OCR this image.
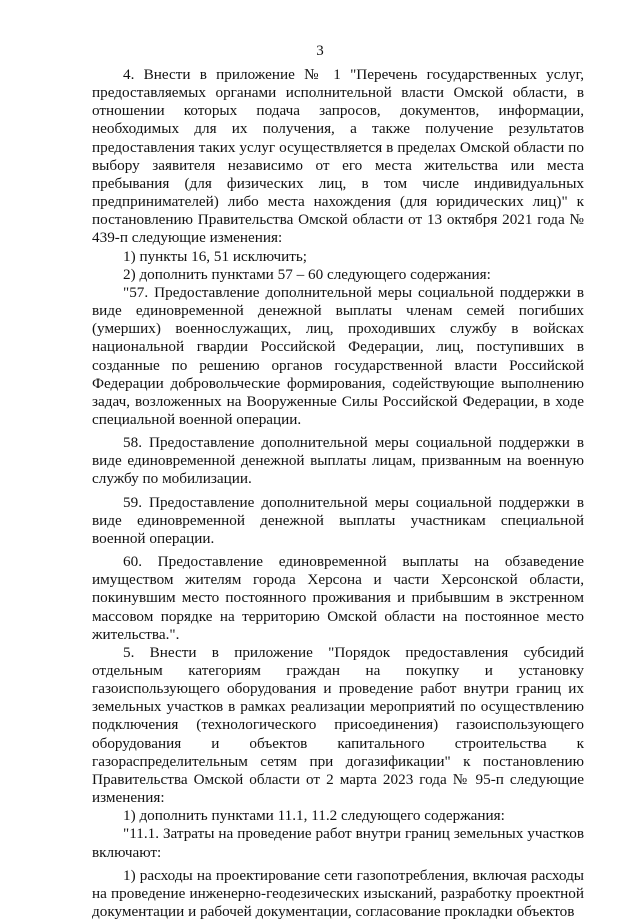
3

4. Внести в приложение № 1 "Перечень государственных услуг, предоставляемых органами исполнительной власти Омской области, в отношении которых подача запросов, документов, информации, необходимых для их получения, а также получение результатов предоставления таких услуг осуществляется в пределах Омской области по выбору заявителя независимо от его места жительства или места пребывания (для физических лиц, в том числе индивидуальных предпринимателей) либо места нахождения (для юридических лиц)" к постановлению Правительства Омской области от 13 октября 2021 года № 439-п следующие изменения:

1) пункты 16, 51 исключить;

2) дополнить пунктами 57 – 60 следующего содержания:

"57. Предоставление дополнительной меры социальной поддержки в виде единовременной денежной выплаты членам семей погибших (умерших) военнослужащих, лиц, проходивших службу в войсках национальной гвардии Российской Федерации, лиц, поступивших в созданные по решению органов государственной власти Российской Федерации добровольческие формирования, содействующие выполнению задач, возложенных на Вооруженные Силы Российской Федерации, в ходе специальной военной операции.

58. Предоставление дополнительной меры социальной поддержки в виде единовременной денежной выплаты лицам, призванным на военную службу по мобилизации.

59. Предоставление дополнительной меры социальной поддержки в виде единовременной денежной выплаты участникам специальной военной операции.

60. Предоставление единовременной выплаты на обзаведение имуществом жителям города Херсона и части Херсонской области, покинувшим место постоянного проживания и прибывшим в экстренном массовом порядке на территорию Омской области на постоянное место жительства.".

5. Внести в приложение "Порядок предоставления субсидий отдельным категориям граждан на покупку и установку газоиспользующего оборудования и проведение работ внутри границ их земельных участков в рамках реализации мероприятий по осуществлению подключения (технологического присоединения) газоиспользующего оборудования и объектов капитального строительства к газораспределительным сетям при догазификации" к постановлению Правительства Омской области от 2 марта 2023 года № 95-п следующие изменения:

1) дополнить пунктами 11.1, 11.2 следующего содержания:

"11.1. Затраты на проведение работ внутри границ земельных участков включают:

1) расходы на проектирование сети газопотребления, включая расходы на проведение инженерно-геодезических изысканий, разработку проектной документации и рабочей документации, согласование прокладки объектов
